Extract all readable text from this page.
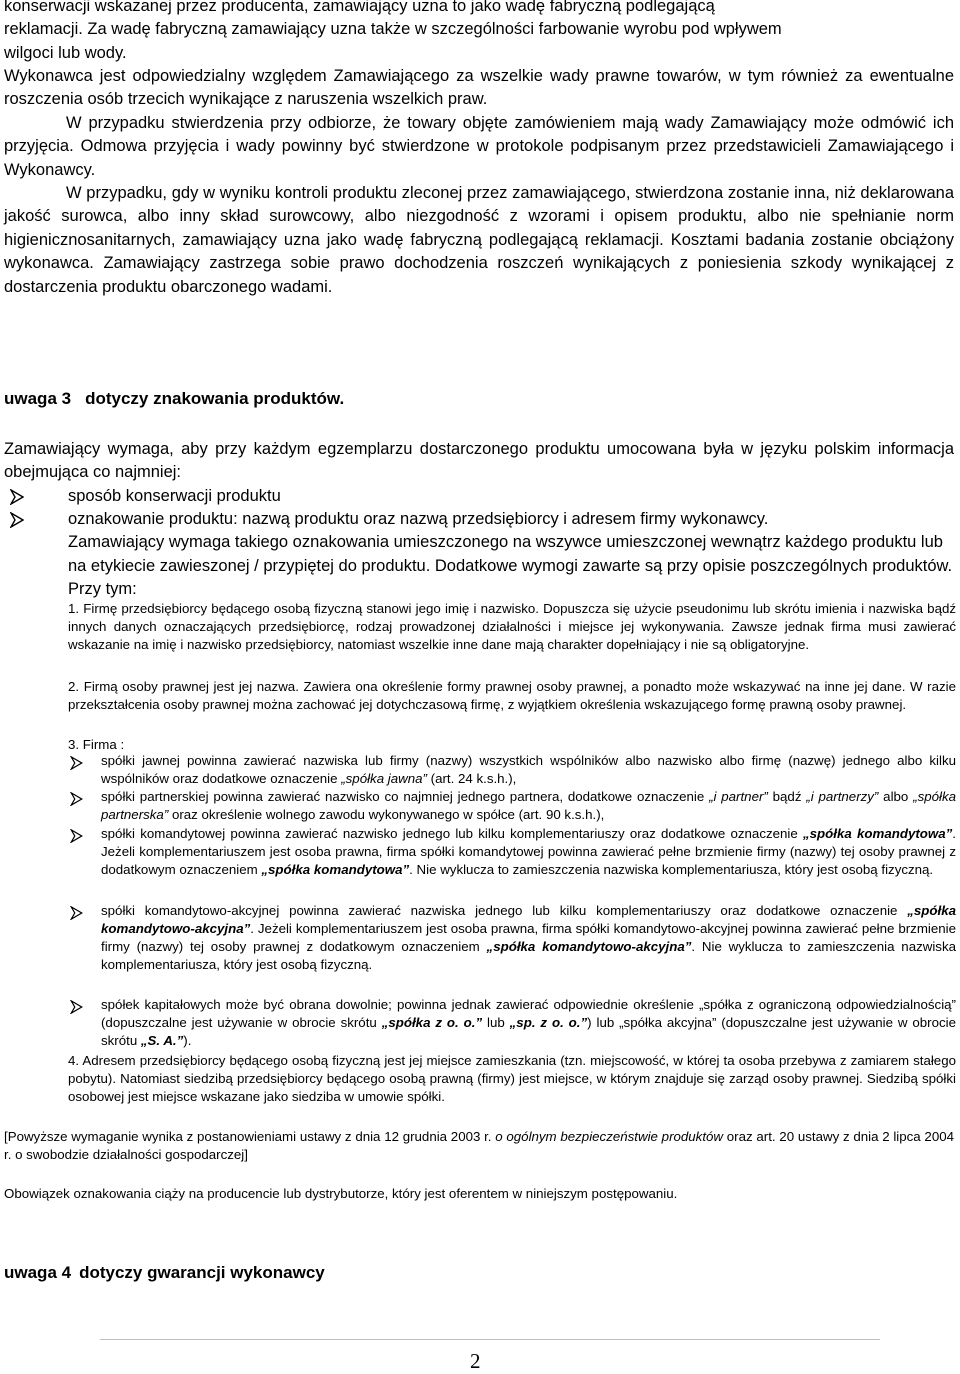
konserwacji wskazanej przez producenta, zamawiający uzna to jako wadę fabryczną podlegającą
reklamacji. Za wadę fabryczną zamawiający uzna także w szczególności farbowanie wyrobu pod wpływem
wilgoci lub wody.

Wykonawca jest odpowiedzialny względem Zamawiającego za wszelkie wady prawne towarów, w tym również za ewentualne roszczenia osób trzecich wynikające z naruszenia wszelkich praw.

W przypadku stwierdzenia przy odbiorze, że towary objęte zamówieniem mają wady Zamawiający może odmówić ich przyjęcia. Odmowa przyjęcia i wady powinny być stwierdzone w protokole podpisanym przez przedstawicieli Zamawiającego i Wykonawcy.

W przypadku, gdy w wyniku kontroli produktu zleconej przez zamawiającego, stwierdzona zostanie inna, niż deklarowana jakość surowca, albo inny skład surowcowy, albo niezgodność z wzorami i opisem produktu, albo nie spełnianie norm higienicznosanitarnych, zamawiający uzna jako wadę fabryczną podlegającą reklamacji. Kosztami badania zostanie obciążony wykonawca. Zamawiający zastrzega sobie prawo dochodzenia roszczeń wynikających z poniesienia szkody wynikającej z dostarczenia produktu obarczonego wadami.

uwaga 3 dotyczy znakowania produktów.

Zamawiający wymaga, aby przy każdym egzemplarzu dostarczonego produktu umocowana była w języku polskim informacja obejmująca co najmniej:

sposób konserwacji produktu

oznakowanie produktu: nazwą produktu oraz nazwą przedsiębiorcy i adresem firmy wykonawcy.
Zamawiający wymaga takiego oznakowania umieszczonego na wszywce umieszczonej wewnątrz każdego produktu lub na etykiecie zawieszonej / przypiętej do produktu. Dodatkowe wymogi zawarte są przy opisie poszczególnych produktów. Przy tym:

1. Firmę przedsiębiorcy będącego osobą fizyczną stanowi jego imię i nazwisko. Dopuszcza się użycie pseudonimu lub skrótu imienia i nazwiska bądź innych danych oznaczających przedsiębiorcę, rodzaj prowadzonej działalności i miejsce jej wykonywania. Zawsze jednak firma musi zawierać wskazanie na imię i nazwisko przedsiębiorcy, natomiast wszelkie inne dane mają charakter dopełniający i nie są obligatoryjne.

2. Firmą osoby prawnej jest jej nazwa. Zawiera ona określenie formy prawnej osoby prawnej, a ponadto może wskazywać na inne jej dane. W razie przekształcenia osoby prawnej można zachować jej dotychczasową firmę, z wyjątkiem określenia wskazującego formę prawną osoby prawnej.

3. Firma :

spółki jawnej powinna zawierać nazwiska lub firmy (nazwy) wszystkich wspólników albo nazwisko albo firmę (nazwę) jednego albo kilku wspólników oraz dodatkowe oznaczenie „spółka jawna” (art. 24 k.s.h.),

spółki partnerskiej powinna zawierać nazwisko co najmniej jednego partnera, dodatkowe oznaczenie „i partner” bądź „i partnerzy” albo „spółka partnerska” oraz określenie wolnego zawodu wykonywanego w spółce (art. 90 k.s.h.),

spółki komandytowej powinna zawierać nazwisko jednego lub kilku komplementariuszy oraz dodatkowe oznaczenie „spółka komandytowa”. Jeżeli komplementariuszem jest osoba prawna, firma spółki komandytowej powinna zawierać pełne brzmienie firmy (nazwy) tej osoby prawnej z dodatkowym oznaczeniem „spółka komandytowa”. Nie wyklucza to zamieszczenia nazwiska komplementariusza, który jest osobą fizyczną.

spółki komandytowo-akcyjnej powinna zawierać nazwiska jednego lub kilku komplementariuszy oraz dodatkowe oznaczenie „spółka komandytowo-akcyjna”. Jeżeli komplementariuszem jest osoba prawna, firma spółki komandytowo-akcyjnej powinna zawierać pełne brzmienie firmy (nazwy) tej osoby prawnej z dodatkowym oznaczeniem „spółka komandytowo-akcyjna”. Nie wyklucza to zamieszczenia nazwiska komplementariusza, który jest osobą fizyczną.

spółek kapitałowych może być obrana dowolnie; powinna jednak zawierać odpowiednie określenie „spółka z ograniczoną odpowiedzialnością” (dopuszczalne jest używanie w obrocie skrótu „spółka z o. o.” lub „sp. z o. o.”) lub „spółka akcyjna” (dopuszczalne jest używanie w obrocie skrótu „S. A.”).

4. Adresem przedsiębiorcy będącego osobą fizyczną jest jej miejsce zamieszkania (tzn. miejscowość, w której ta osoba przebywa z zamiarem stałego pobytu). Natomiast siedzibą przedsiębiorcy będącego osobą prawną (firmy) jest miejsce, w którym znajduje się zarząd osoby prawnej. Siedzibą spółki osobowej jest miejsce wskazane jako siedziba w umowie spółki.

[Powyższe wymaganie wynika z postanowieniami ustawy z dnia 12 grudnia 2003 r. o ogólnym bezpieczeństwie produktów oraz art. 20 ustawy z dnia 2 lipca 2004 r. o swobodzie działalności gospodarczej]

Obowiązek oznakowania ciąży na producencie lub dystrybutorze, który jest oferentem w niniejszym postępowaniu.

uwaga 4 dotyczy gwarancji wykonawcy
2
